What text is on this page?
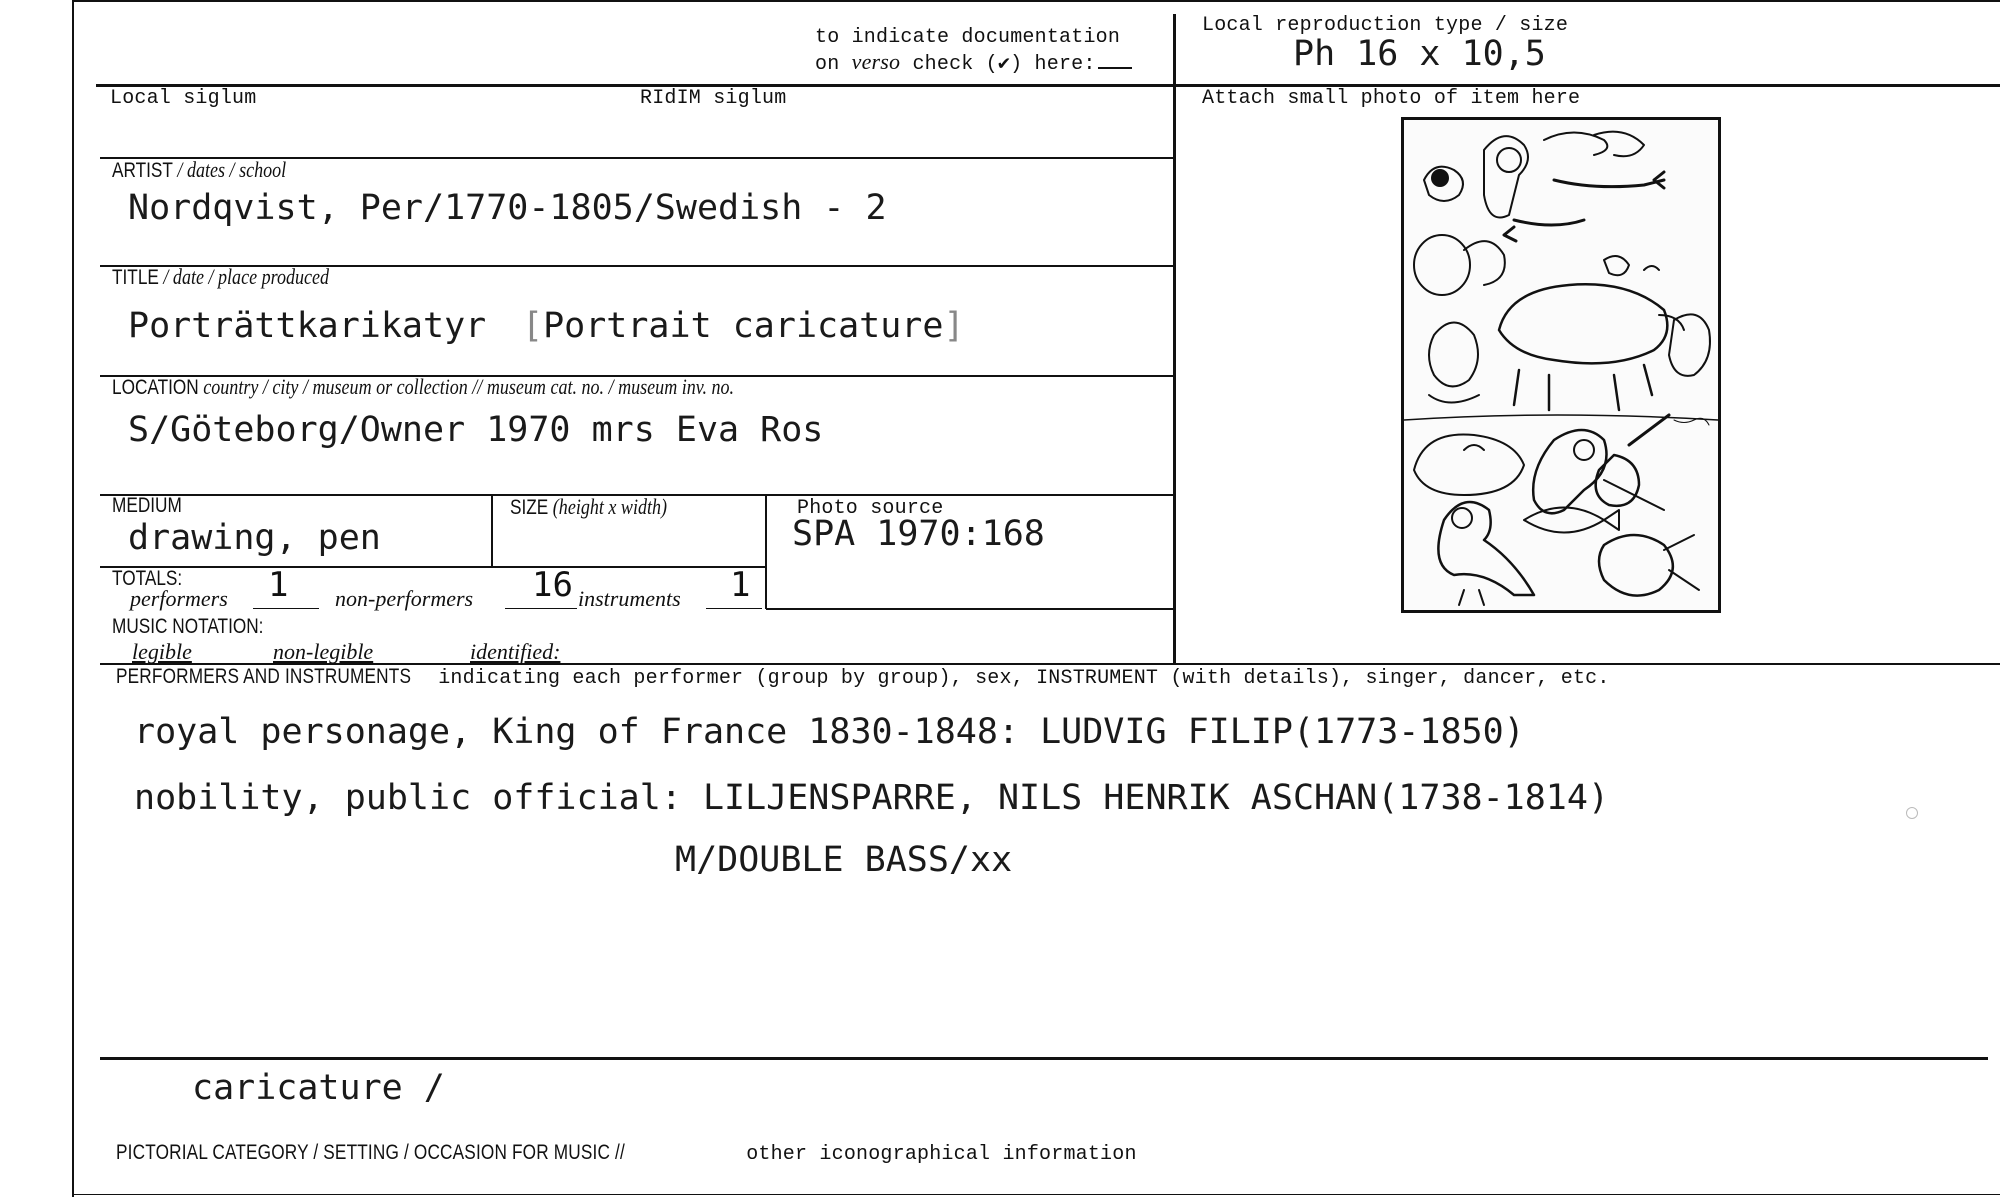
to indicate documentation
on verso check (✔) here:
Local reproduction type / size
Ph 16 x 10,5
Local siglum	RIdIM siglum	Attach small photo of item here
ARTIST / dates / school
Nordqvist, Per/1770-1805/Swedish - 2
TITLE / date / place produced
Porträttkarikatyr [Portrait caricature]
LOCATION country / city / museum or collection // museum cat. no. / museum inv. no.
S/Göteborg/Owner 1970 mrs Eva Ros
MEDIUM
drawing, pen
SIZE (height x width)	Photo source
SPA 1970:168
TOTALS:
performers 1 non-performers 16 instruments 1
MUSIC NOTATION:
legible	non-legible	identified:
PERFORMERS AND INSTRUMENTS indicating each performer (group by group), sex, INSTRUMENT (with details), singer, dancer, etc.
royal personage, King of France 1830-1848: LUDVIG FILIP(1773-1850)
nobility, public official: LILJENSPARRE, NILS HENRIK ASCHAN(1738-1814)
M/DOUBLE BASS/xx
caricature /
PICTORIAL CATEGORY / SETTING / OCCASION FOR MUSIC //	other iconographical information
